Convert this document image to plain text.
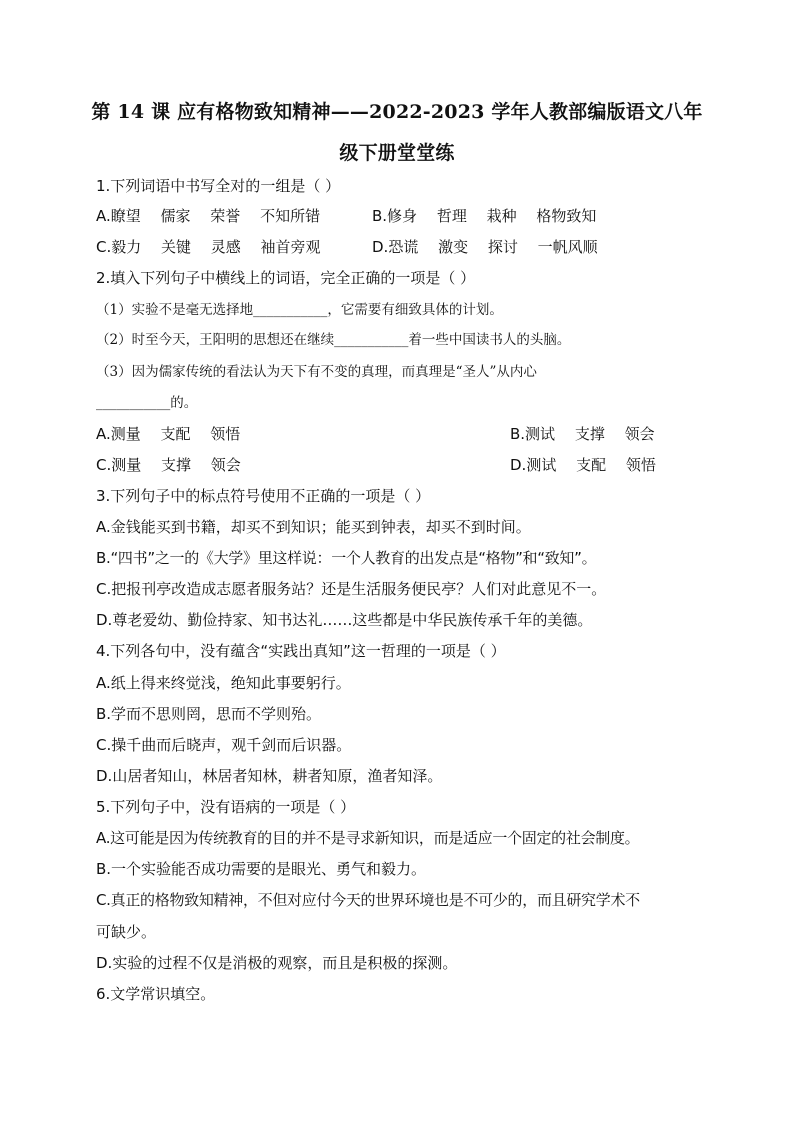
第 14 课 应有格物致知精神——2022-2023 学年人教部编版语文八年
级下册堂堂练
1.下列词语中书写全对的一组是（ ）
A.瞭望　 儒家　 荣誉　 不知所错	B.修身　 哲理　 栽种　 格物致知
C.毅力　 关键　 灵感　 袖首旁观	D.恐谎　 激变　 探讨　 一帆风顺
2.填入下列句子中横线上的词语，完全正确的一项是（ ）
（1）实验不是毫无选择地___________，它需要有细致具体的计划。
（2）时至今天，王阳明的思想还在继续___________着一些中国读书人的头脑。
（3）因为儒家传统的看法认为天下有不变的真理，而真理是“圣人”从内心
___________的。
A.测量　 支配　 领悟	B.测试　 支撑　 领会
C.测量　 支撑　 领会	D.测试　 支配　 领悟
3.下列句子中的标点符号使用不正确的一项是（ ）
A.金钱能买到书籍，却买不到知识；能买到钟表，却买不到时间。
B.“四书”之一的《大学》里这样说：一个人教育的出发点是“格物”和“致知”。
C.把报刊亭改造成志愿者服务站？还是生活服务便民亭？人们对此意见不一。
D.尊老爱幼、勤俭持家、知书达礼……这些都是中华民族传承千年的美德。
4.下列各句中，没有蕴含“实践出真知”这一哲理的一项是（ ）
A.纸上得来终觉浅，绝知此事要躬行。
B.学而不思则罔，思而不学则殆。
C.操千曲而后晓声，观千剑而后识器。
D.山居者知山，林居者知林，耕者知原，渔者知泽。
5.下列句子中，没有语病的一项是（ ）
A.这可能是因为传统教育的目的并不是寻求新知识，而是适应一个固定的社会制度。
B.一个实验能否成功需要的是眼光、勇气和毅力。
C.真正的格物致知精神，不但对应付今天的世界环境也是不可少的，而且研究学术不
可缺少。
D.实验的过程不仅是消极的观察，而且是积极的探测。
6.文学常识填空。
